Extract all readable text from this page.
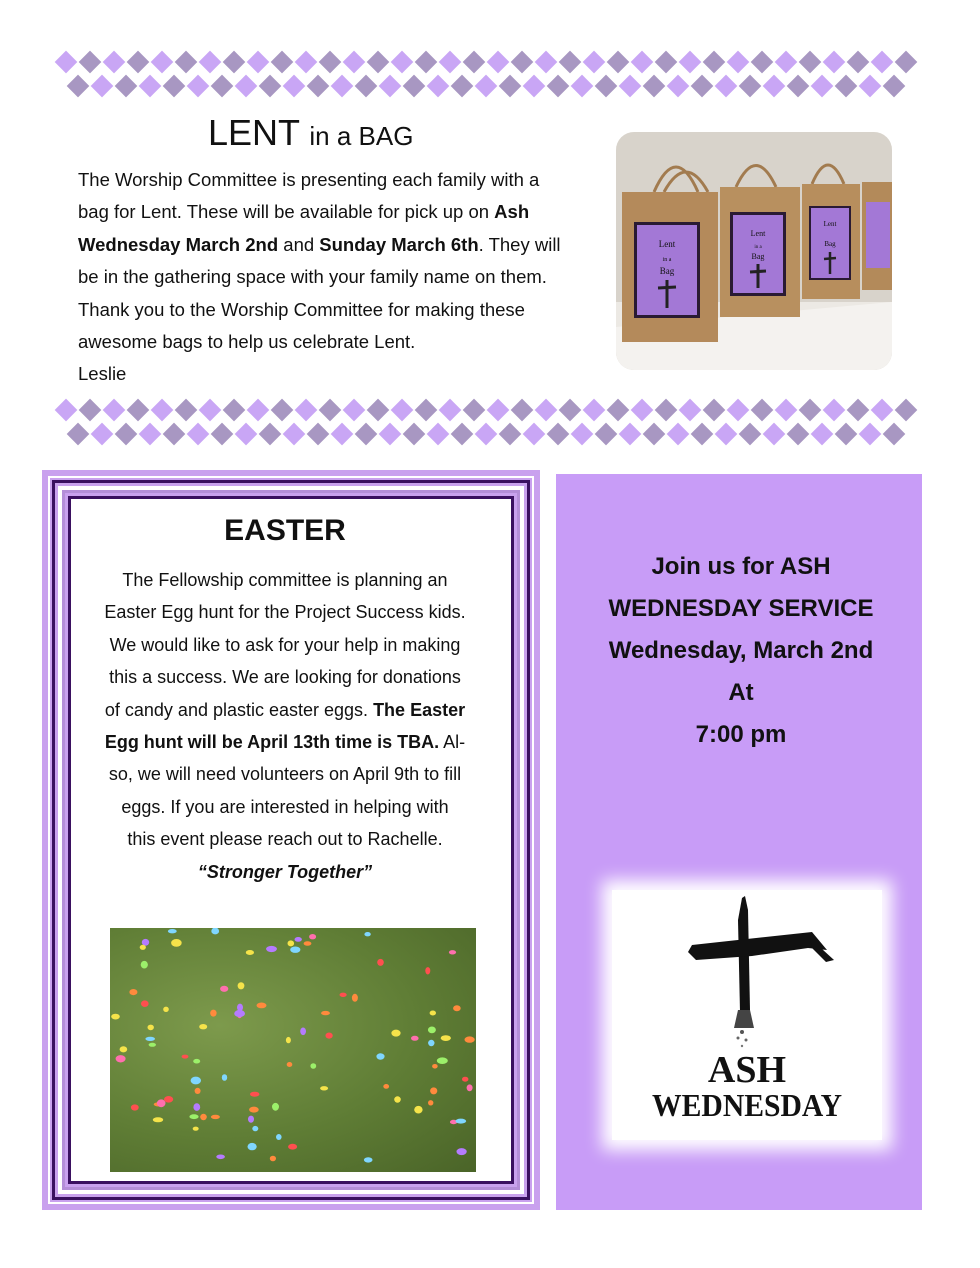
LENT in a BAG

The Worship Committee is presenting each family with a

bag for Lent. These will be available for pick up on Ash

Wednesday March 2nd and Sunday March 6th. They will

be in the gathering space with your family name on them.

Thank you to the Worship Committee for making these

awesome bags to help us celebrate Lent.

Leslie

Lent
in a
Bag
Lent
in a
Bag
Lent
Bag
EASTER

The Fellowship committee is planning an

Easter Egg hunt for the Project Success kids.

We would like to ask for your help in making

this a success. We are looking for donations

of candy and plastic easter eggs. The Easter

Egg hunt will be April 13th time is TBA. Al-

so, we will need volunteers on April 9th to fill

eggs. If you are interested in helping with

this event please reach out to Rachelle.

“Stronger Together”

Join us for ASH
WEDNESDAY SERVICE
Wednesday, March 2nd
At
7:00 pm
ASH
WEDNESDAY
